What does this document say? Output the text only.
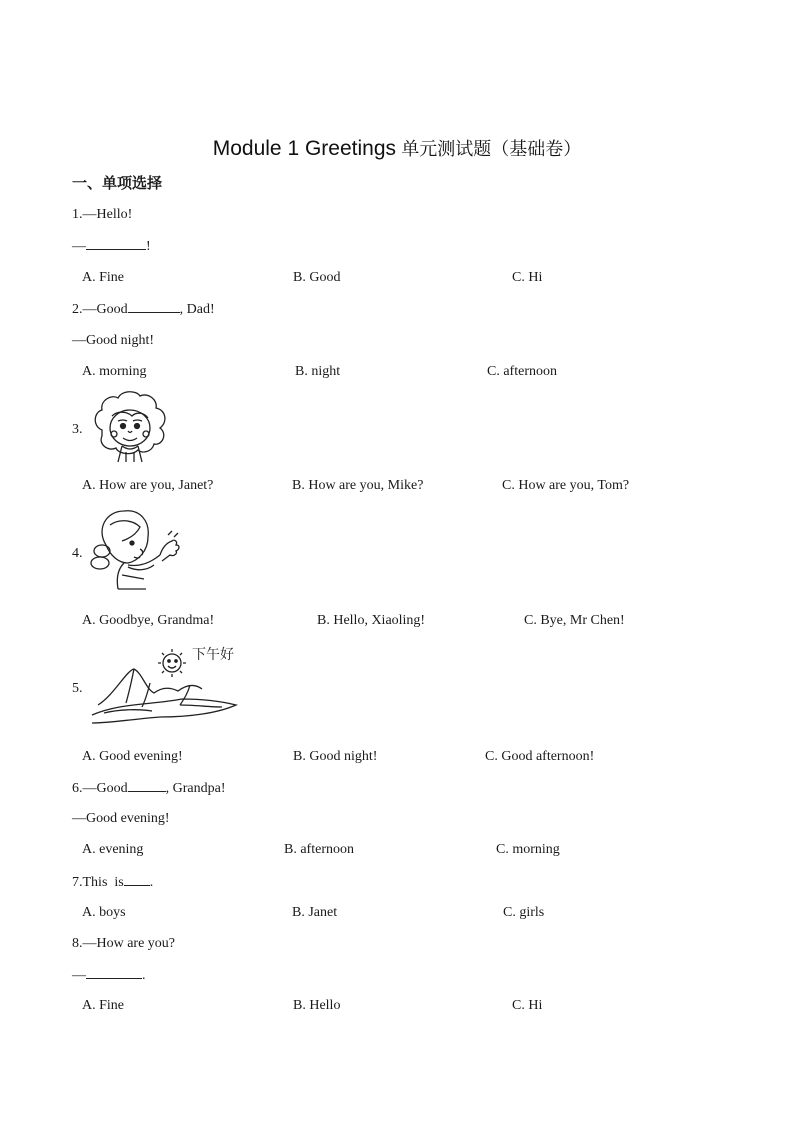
Module 1 Greetings 单元测试题（基础卷）
一、单项选择
1.—Hello!
—	!
A. Fine	B. Good	C. Hi
2.—Good	, Dad!
—Good night!
A. morning	B. night	C. afternoon
3.
A. How are you, Janet?	B. How are you, Mike?	C. How are you, Tom?
4.
A. Goodbye, Grandma!	B. Hello, Xiaoling!	C. Bye, Mr Chen!
5.
下午好
A. Good evening!	B. Good night!	C. Good afternoon!
6.—Good	, Grandpa!
—Good evening!
A. evening	B. afternoon	C. morning
7.This  is .
A. boys	B. Janet	C. girls
8.—How are you?
—	.
A. Fine	B. Hello	C. Hi
